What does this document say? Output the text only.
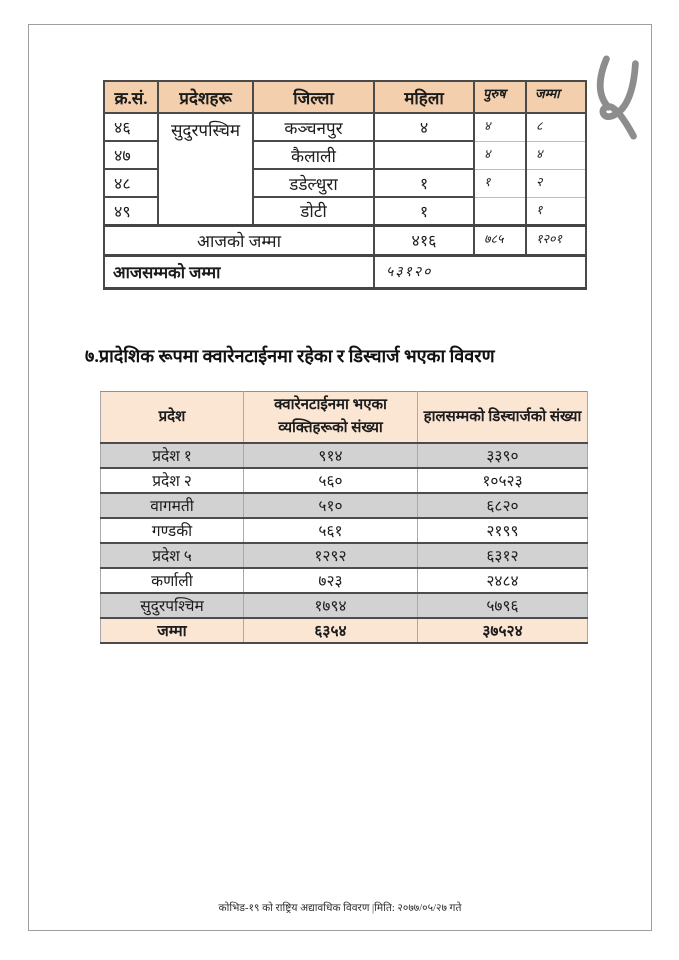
क्र.सं.	प्रदेशहरू	जिल्ला	महिला	पुरुष	जम्मा
४६	सुदुरपस्चिम	कञ्चनपुर	४	४	८
४७		कैलाली		४	४
४८		डडेल्धुरा	१	१	२
४९		डोटी	१		१
आजको जम्मा			४१६	७८५	१२०१
आजसम्मको जम्मा			५३१२०		
७.प्रादेशिक रूपमा क्वारेनटाईनमा रहेका र डिस्चार्ज भएका विवरण
प्रदेश	क्वारेनटाईनमा भएका व्यक्तिहरूको संख्या	हालसम्मको डिस्चार्जको संख्या
प्रदेश १	९१४	३३९०
प्रदेश २	५६०	१०५२३
वागमती	५१०	६८२०
गण्डकी	५६१	२१९९
प्रदेश ५	१२९२	६३१२
कर्णाली	७२३	२४८४
सुदुरपश्चिम	१७९४	५७९६
जम्मा	६३५४	३७५२४
कोभिड-१९ को राष्ट्रिय अद्यावधिक विवरण |मिति: २०७७/०५/२७ गते
